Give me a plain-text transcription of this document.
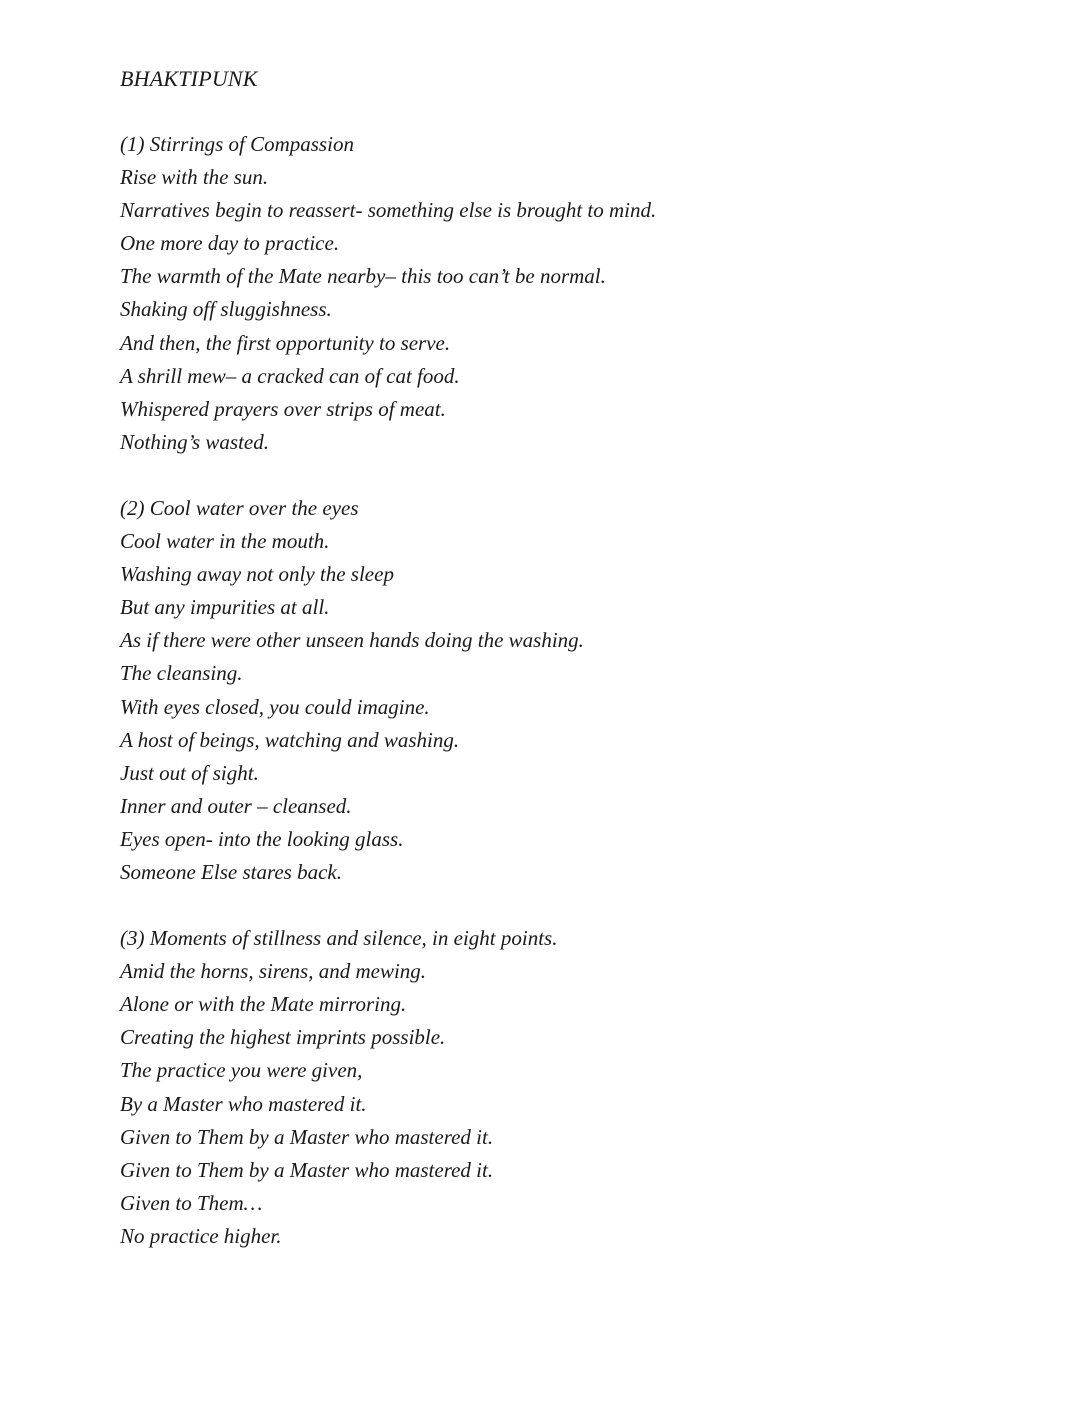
BHAKTIPUNK
(1) Stirrings of Compassion
Rise with the sun.
Narratives begin to reassert- something else is brought to mind.
One more day to practice.
The warmth of the Mate nearby– this too can’t be normal.
Shaking off sluggishness.
And then, the first opportunity to serve.
A shrill mew– a cracked can of cat food.
Whispered prayers over strips of meat.
Nothing’s wasted.
(2) Cool water over the eyes
Cool water in the mouth.
Washing away not only the sleep
But any impurities at all.
As if there were other unseen hands doing the washing.
The cleansing.
With eyes closed, you could imagine.
A host of beings, watching and washing.
Just out of sight.
Inner and outer – cleansed.
Eyes open- into the looking glass.
Someone Else stares back.
(3) Moments of stillness and silence, in eight points.
Amid the horns, sirens, and mewing.
Alone or with the Mate mirroring.
Creating the highest imprints possible.
The practice you were given,
By a Master who mastered it.
Given to Them by a Master who mastered it.
Given to Them by a Master who mastered it.
Given to Them…
No practice higher.
